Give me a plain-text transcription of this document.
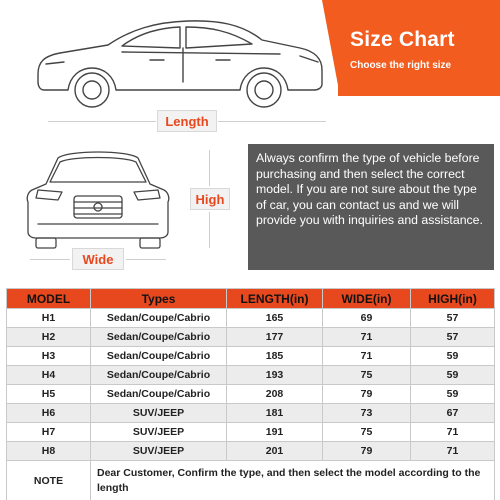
Length
Size Chart
Choose the right size
High
Wide

Always confirm the type of vehicle before purchasing and then select the correct model. If you are not sure about the type of car, you can contact us and we will provide you with inquiries and assistance.

MODEL	Types	LENGTH(in)	WIDE(in)	HIGH(in)
H1	Sedan/Coupe/Cabrio	165	69	57
H2	Sedan/Coupe/Cabrio	177	71	57
H3	Sedan/Coupe/Cabrio	185	71	59
H4	Sedan/Coupe/Cabrio	193	75	59
H5	Sedan/Coupe/Cabrio	208	79	59
H6	SUV/JEEP	181	73	67
H7	SUV/JEEP	191	75	71
H8	SUV/JEEP	201	79	71
NOTE	Dear Customer, Confirm the type, and then select the model according to the length			
